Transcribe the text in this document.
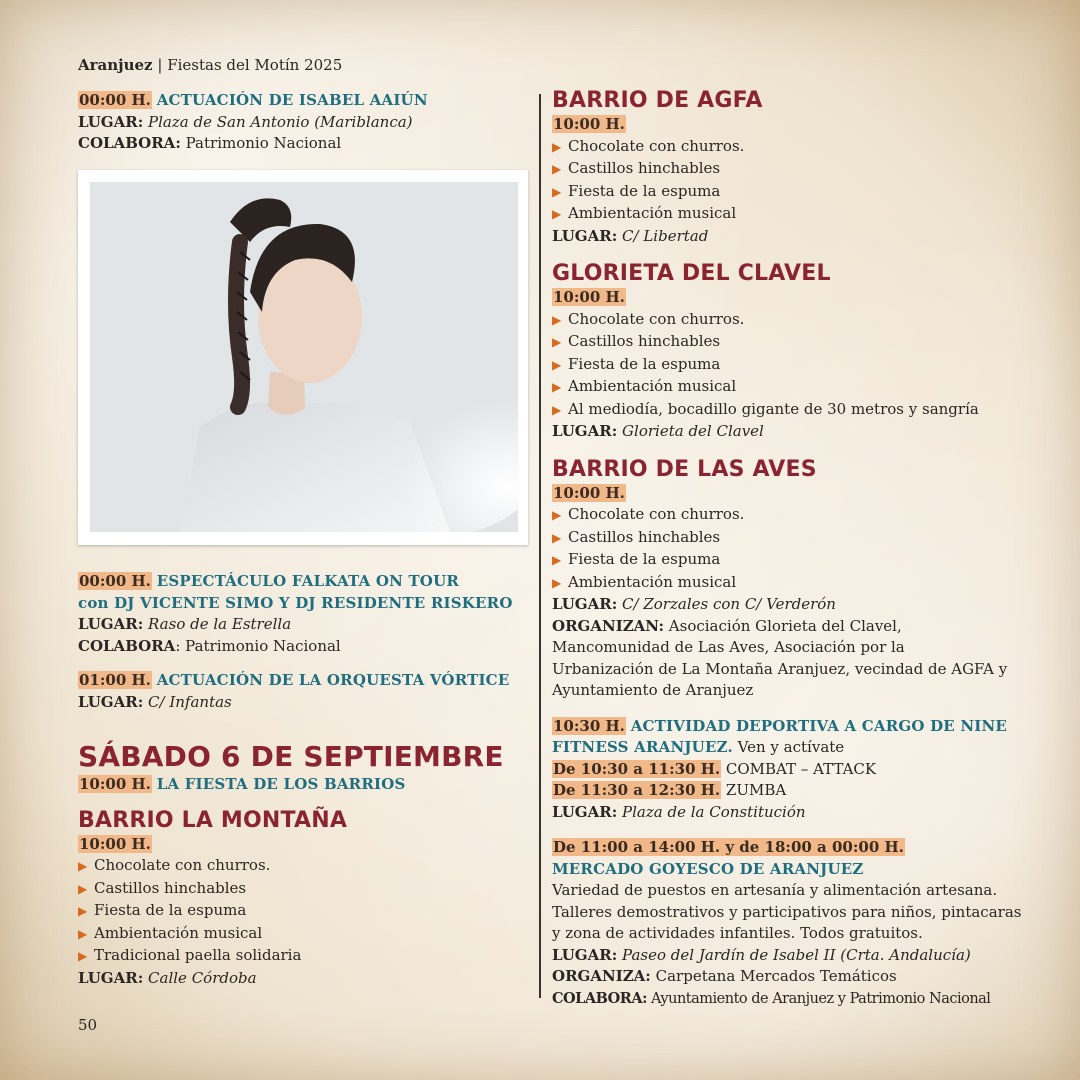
Aranjuez | Fiestas del Motín 2025
00:00 H. ACTUACIÓN DE ISABEL AAIÚN
LUGAR: Plaza de San Antonio (Mariblanca)
COLABORA: Patrimonio Nacional
00:00 H. ESPECTÁCULO FALKATA ON TOUR
con DJ VICENTE SIMO Y DJ RESIDENTE RISKERO
LUGAR: Raso de la Estrella
COLABORA: Patrimonio Nacional
01:00 H. ACTUACIÓN DE LA ORQUESTA VÓRTICE
LUGAR: C/ Infantas
SÁBADO 6 DE SEPTIEMBRE
10:00 H. LA FIESTA DE LOS BARRIOS
BARRIO LA MONTAÑA
10:00 H.
▶ Chocolate con churros.
▶ Castillos hinchables
▶ Fiesta de la espuma
▶ Ambientación musical
▶ Tradicional paella solidaria
LUGAR: Calle Córdoba
BARRIO DE AGFA
10:00 H.
▶ Chocolate con churros.
▶ Castillos hinchables
▶ Fiesta de la espuma
▶ Ambientación musical
LUGAR: C/ Libertad
GLORIETA DEL CLAVEL
10:00 H.
▶ Chocolate con churros.
▶ Castillos hinchables
▶ Fiesta de la espuma
▶ Ambientación musical
▶ Al mediodía, bocadillo gigante de 30 metros y sangría
LUGAR: Glorieta del Clavel
BARRIO DE LAS AVES
10:00 H.
▶ Chocolate con churros.
▶ Castillos hinchables
▶ Fiesta de la espuma
▶ Ambientación musical
LUGAR: C/ Zorzales con C/ Verderón
ORGANIZAN: Asociación Glorieta del Clavel,
Mancomunidad de Las Aves, Asociación por la
Urbanización de La Montaña Aranjuez, vecindad de AGFA y
Ayuntamiento de Aranjuez
10:30 H. ACTIVIDAD DEPORTIVA A CARGO DE NINE
FITNESS ARANJUEZ. Ven y actívate
De 10:30 a 11:30 H. COMBAT – ATTACK
De 11:30 a 12:30 H. ZUMBA
LUGAR: Plaza de la Constitución
De 11:00 a 14:00 H. y de 18:00 a 00:00 H.
MERCADO GOYESCO DE ARANJUEZ
Variedad de puestos en artesanía y alimentación artesana.
Talleres demostrativos y participativos para niños, pintacaras
y zona de actividades infantiles. Todos gratuitos.
LUGAR: Paseo del Jardín de Isabel II (Crta. Andalucía)
ORGANIZA: Carpetana Mercados Temáticos
COLABORA: Ayuntamiento de Aranjuez y Patrimonio Nacional
50
